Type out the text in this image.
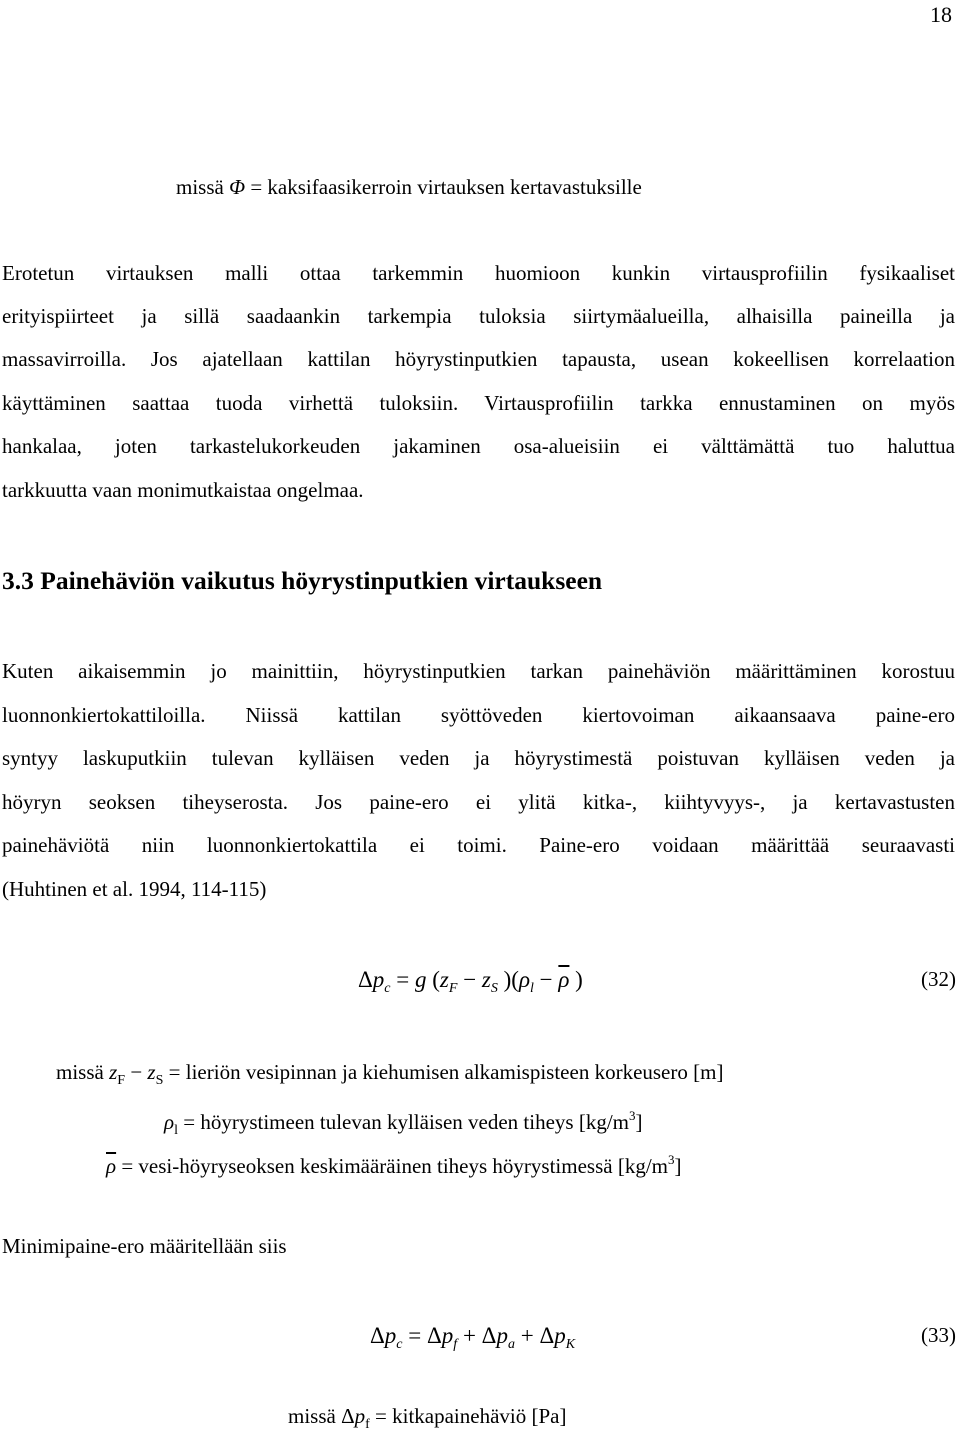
18
missä Φ = kaksifaasikerroin virtauksen kertavastuksille
Erotetun virtauksen malli ottaa tarkemmin huomioon kunkin virtausprofiilin fysikaaliset
erityispiirteet ja sillä saadaankin tarkempia tuloksia siirtymäalueilla, alhaisilla paineilla ja
massavirroilla. Jos ajatellaan kattilan höyrystinputkien tapausta, usean kokeellisen korrelaation
käyttäminen saattaa tuoda virhettä tuloksiin. Virtausprofiilin tarkka ennustaminen on myös
hankalaa, joten tarkastelukorkeuden jakaminen osa-alueisiin ei välttämättä tuo haluttua
tarkkuutta vaan monimutkaistaa ongelmaa.
3.3 Painehäviön vaikutus höyrystinputkien virtaukseen
Kuten aikaisemmin jo mainittiin, höyrystinputkien tarkan painehäviön määrittäminen korostuu
luonnonkiertokattiloilla. Niissä kattilan syöttöveden kiertovoiman aikaansaava paine-ero
syntyy laskuputkiin tulevan kylläisen veden ja höyrystimestä poistuvan kylläisen veden ja
höyryn seoksen tiheyserosta. Jos paine-ero ei ylitä kitka-, kiihtyvyys-, ja kertavastusten
painehäviötä niin luonnonkiertokattila ei toimi. Paine-ero voidaan määrittää seuraavasti
(Huhtinen et al. 1994, 114-115)
$\Delta p_c = g$ ($z_F - z_S$ )($\rho_l - \overline{\rho}$ )	(32)
missä $z_F - z_S$ = lieriön vesipinnan ja kiehumisen alkamispisteen korkeusero [m]
$\rho_l$ = höyrystimeen tulevan kylläisen veden tiheys $[kg/m^3]$
$\overline{\rho}$ = vesi-höyryseoksen keskimääräinen tiheys höyrystimessä $[kg/m^3]$
Minimipaine-ero määritellään siis
$\Delta p_c = \Delta p_f + \Delta p_a + \Delta p_K$	(33)
missä $\Delta p_f$ = kitkapainehäviö [Pa]
